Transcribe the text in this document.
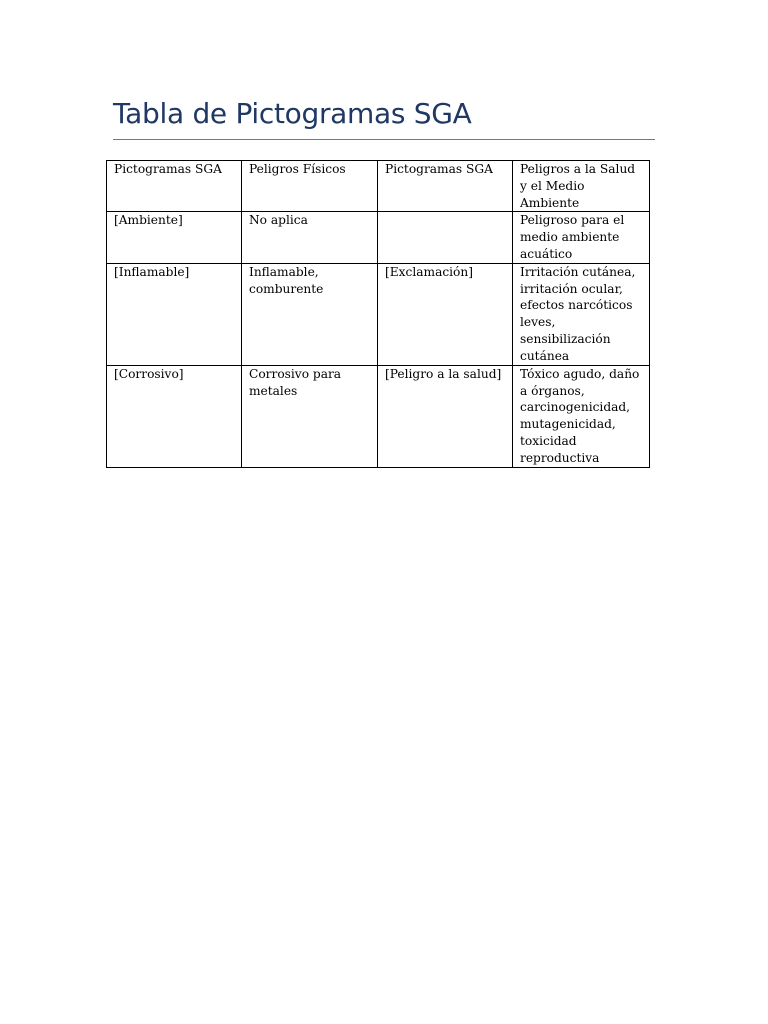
Tabla de Pictogramas SGA
Pictogramas SGA	Peligros Físicos	Pictogramas SGA	Peligros a la Salud y el Medio Ambiente
[Ambiente]	No aplica		Peligroso para el medio ambiente acuático
[Inflamable]	Inflamable, comburente	[Exclamación]	Irritación cutánea, irritación ocular, efectos narcóticos leves, sensibilización cutánea
[Corrosivo]	Corrosivo para metales	[Peligro a la salud]	Tóxico agudo, daño a órganos, carcinogenicidad, mutagenicidad, toxicidad reproductiva
